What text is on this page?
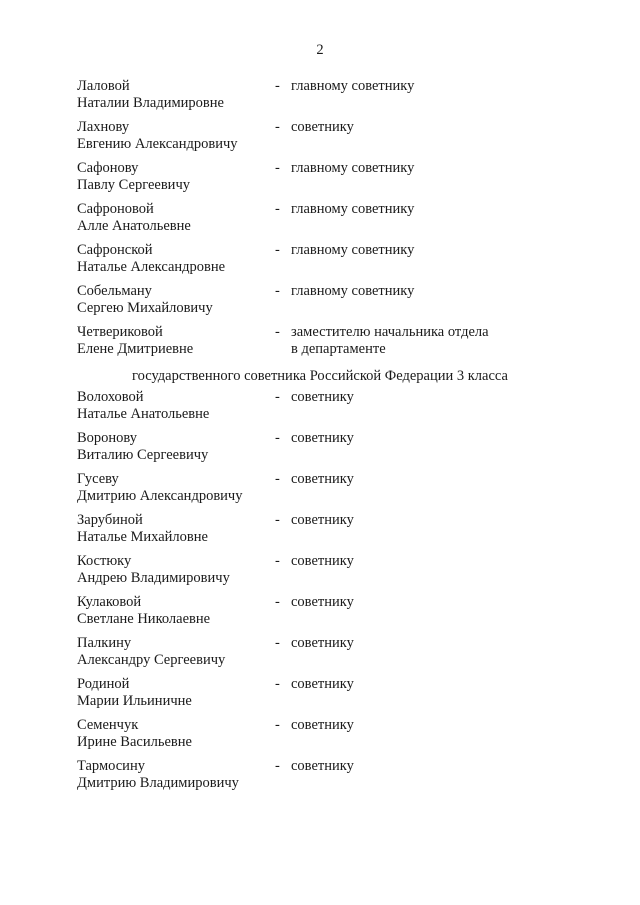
2
Лаловой
Наталии Владимировне
- главному советнику
Лахнову
Евгению Александровичу
- советнику
Сафонову
Павлу Сергеевичу
- главному советнику
Сафроновой
Алле Анатольевне
- главному советнику
Сафронской
Наталье Александровне
- главному советнику
Собельману
Сергею Михайловичу
- главному советнику
Четвериковой
Елене Дмитриевне
- заместителю начальника отдела
в департаменте
государственного советника Российской Федерации 3 класса
Волоховой
Наталье Анатольевне
- советнику
Воронову
Виталию Сергеевичу
- советнику
Гусеву
Дмитрию Александровичу
- советнику
Зарубиной
Наталье Михайловне
- советнику
Костюку
Андрею Владимировичу
- советнику
Кулаковой
Светлане Николаевне
- советнику
Палкину
Александру Сергеевичу
- советнику
Родиной
Марии Ильиничне
- советнику
Семенчук
Ирине Васильевне
- советнику
Тармосину
Дмитрию Владимировичу
- советнику
